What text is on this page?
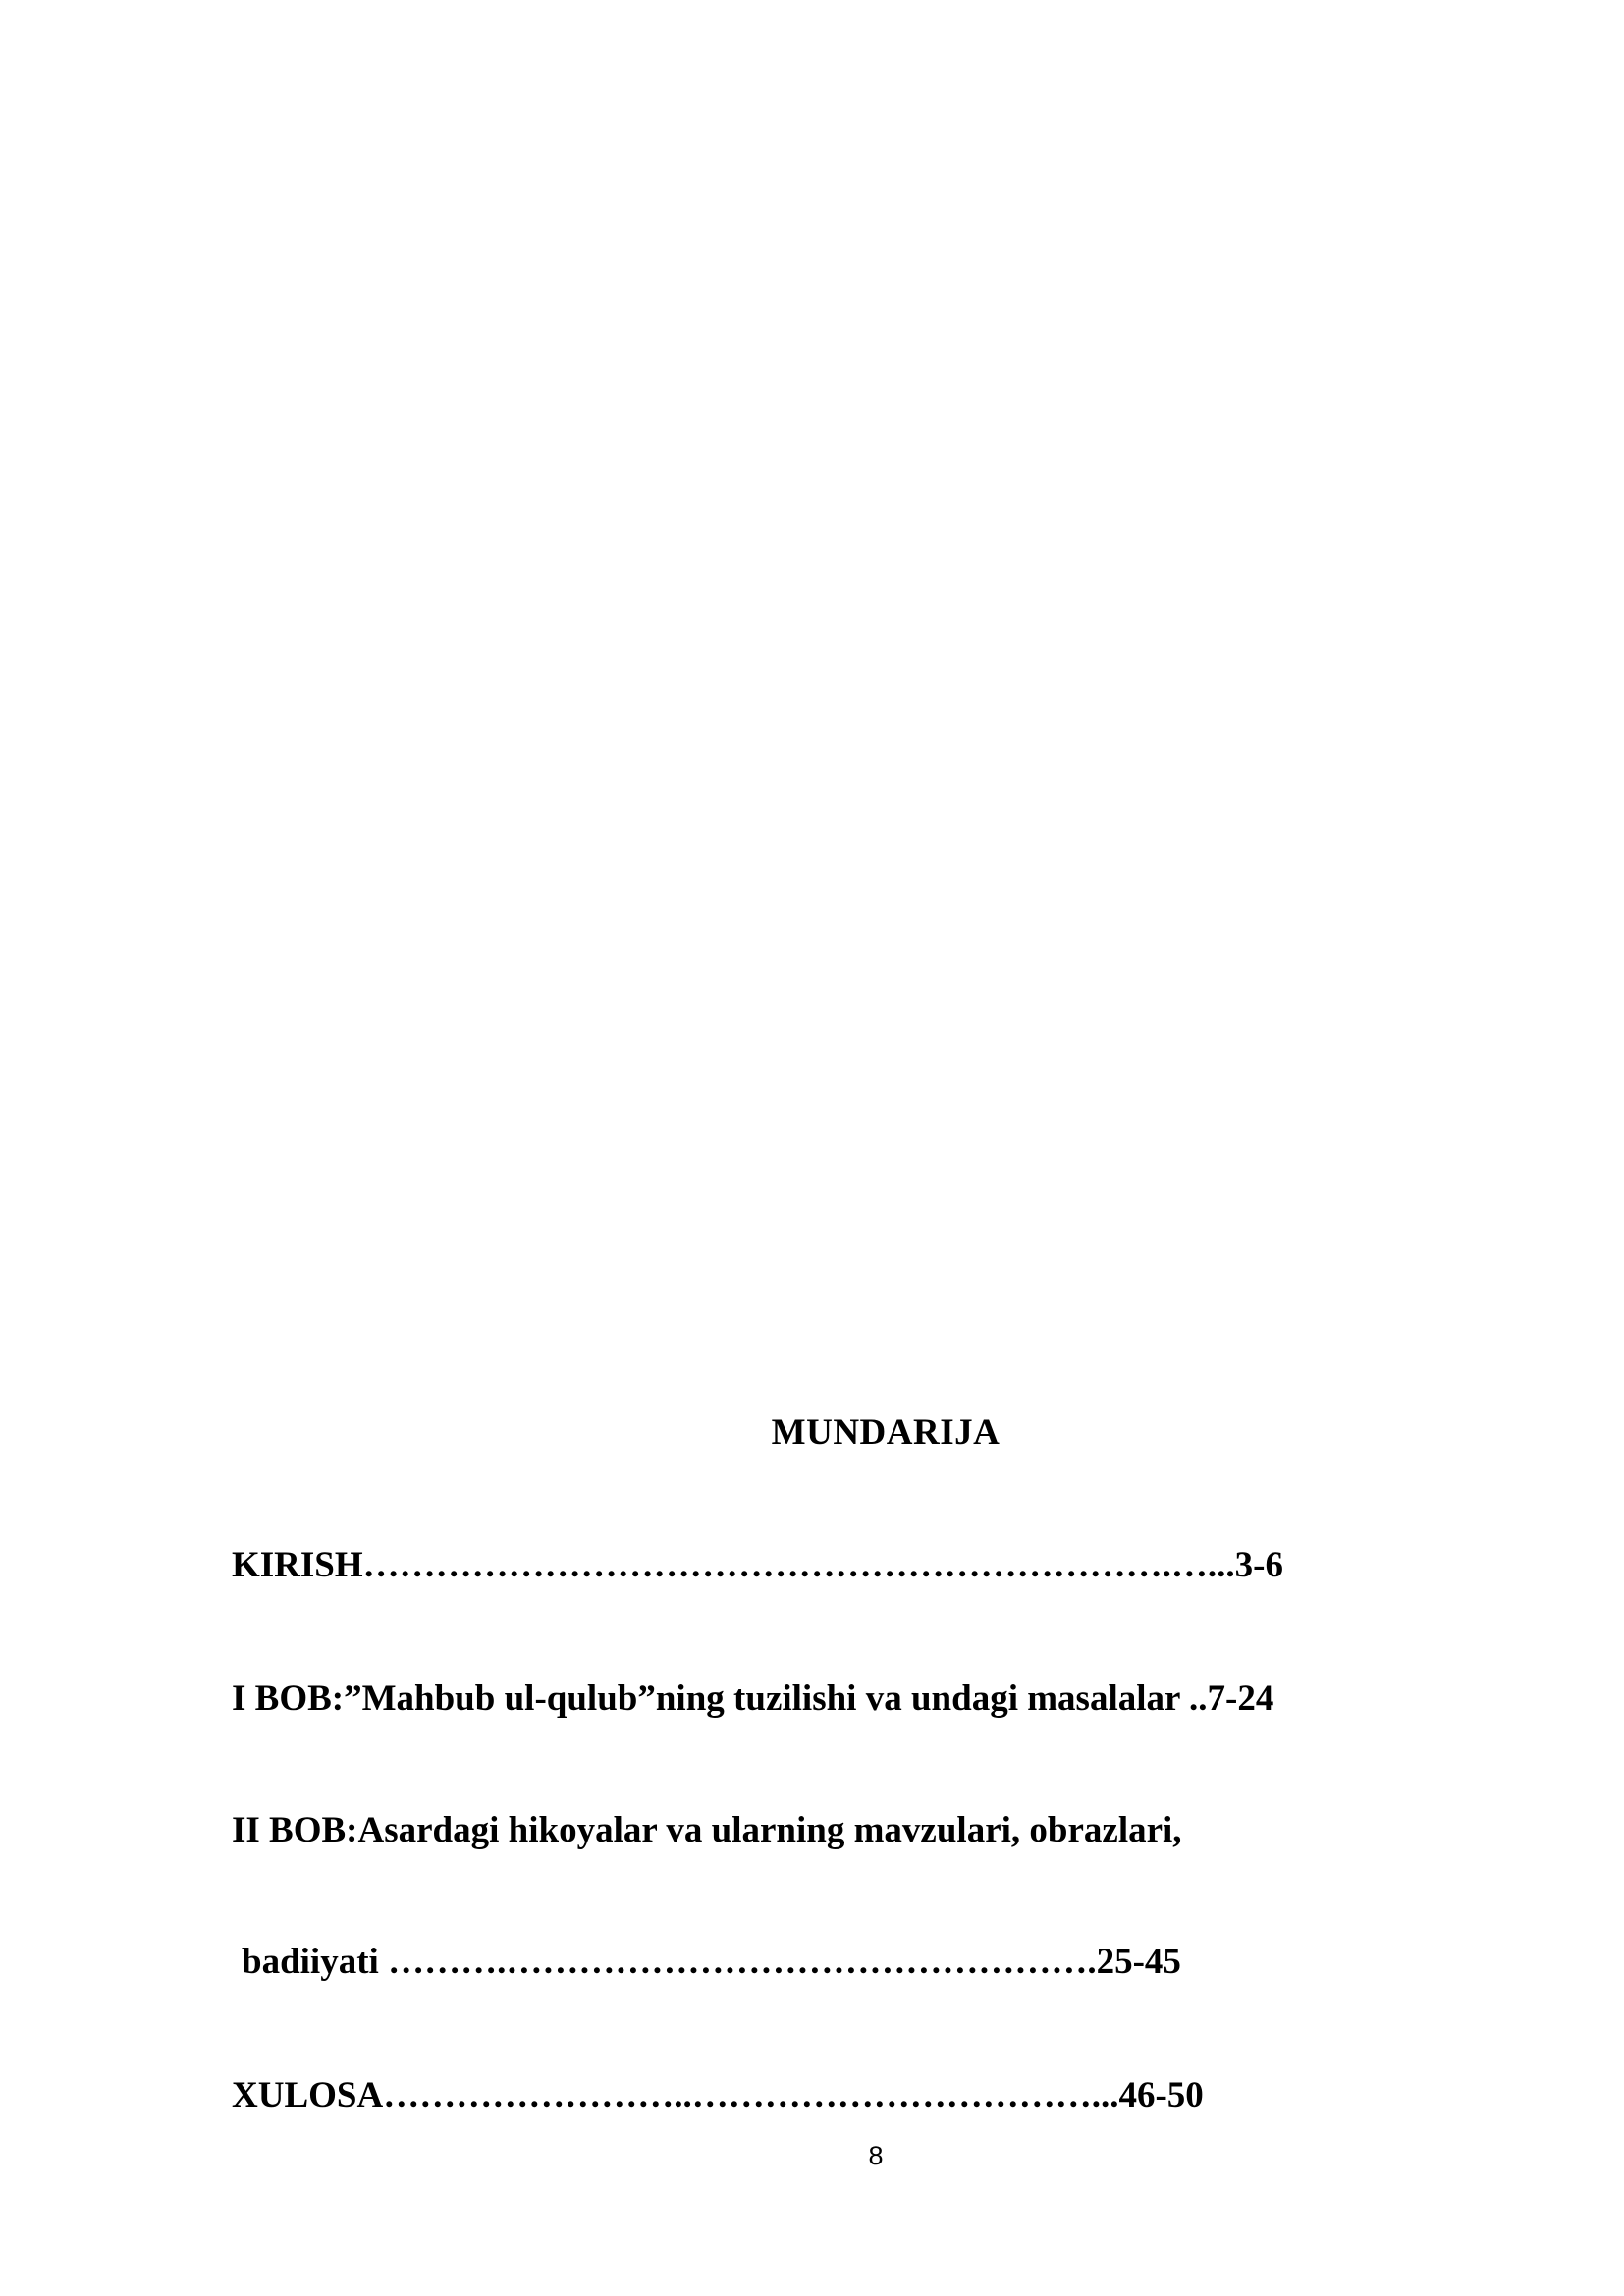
MUNDARIJA
KIRISH………………………………………………………….…...3-6
I BOB:”Mahbub ul-qulub”ning tuzilishi va undagi masalalar ..7-24
II BOB:Asardagi hikoyalar va ularning mavzulari, obrazlari,
badiiyati ……….………………………………………….25-45
XULOSA……………………..……………………………...46-50
8
